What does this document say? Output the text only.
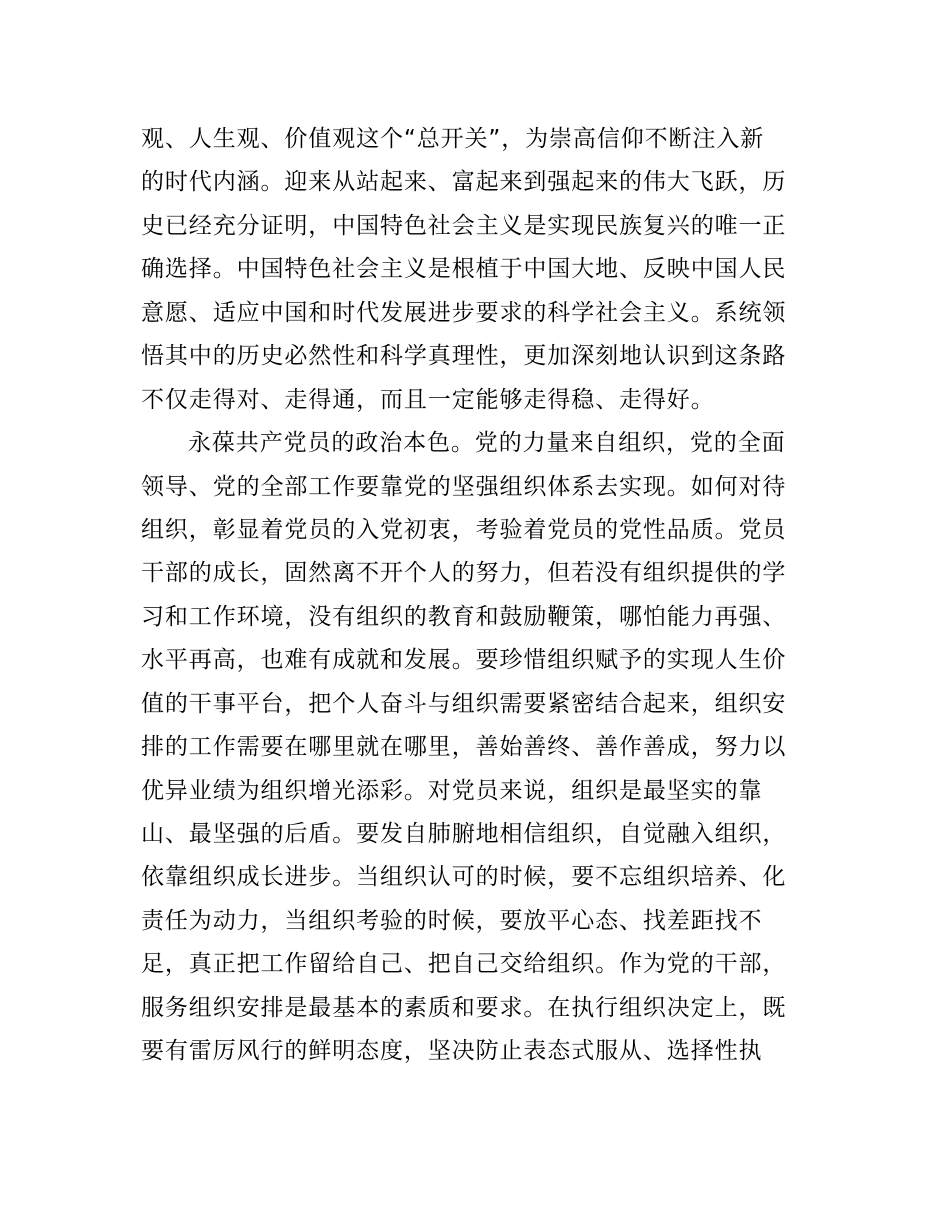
观、人生观、价值观这个“总开关”，为崇高信仰不断注入新
的时代内涵。迎来从站起来、富起来到强起来的伟大飞跃，历
史已经充分证明，中国特色社会主义是实现民族复兴的唯一正
确选择。中国特色社会主义是根植于中国大地、反映中国人民
意愿、适应中国和时代发展进步要求的科学社会主义。系统领
悟其中的历史必然性和科学真理性，更加深刻地认识到这条路
不仅走得对、走得通，而且一定能够走得稳、走得好。
永葆共产党员的政治本色。党的力量来自组织，党的全面
领导、党的全部工作要靠党的坚强组织体系去实现。如何对待
组织，彰显着党员的入党初衷，考验着党员的党性品质。党员
干部的成长，固然离不开个人的努力，但若没有组织提供的学
习和工作环境，没有组织的教育和鼓励鞭策，哪怕能力再强、
水平再高，也难有成就和发展。要珍惜组织赋予的实现人生价
值的干事平台，把个人奋斗与组织需要紧密结合起来，组织安
排的工作需要在哪里就在哪里，善始善终、善作善成，努力以
优异业绩为组织增光添彩。对党员来说，组织是最坚实的靠
山、最坚强的后盾。要发自肺腑地相信组织，自觉融入组织，
依靠组织成长进步。当组织认可的时候，要不忘组织培养、化
责任为动力，当组织考验的时候，要放平心态、找差距找不
足，真正把工作留给自己、把自己交给组织。作为党的干部，
服务组织安排是最基本的素质和要求。在执行组织决定上，既
要有雷厉风行的鲜明态度，坚决防止表态式服从、选择性执
